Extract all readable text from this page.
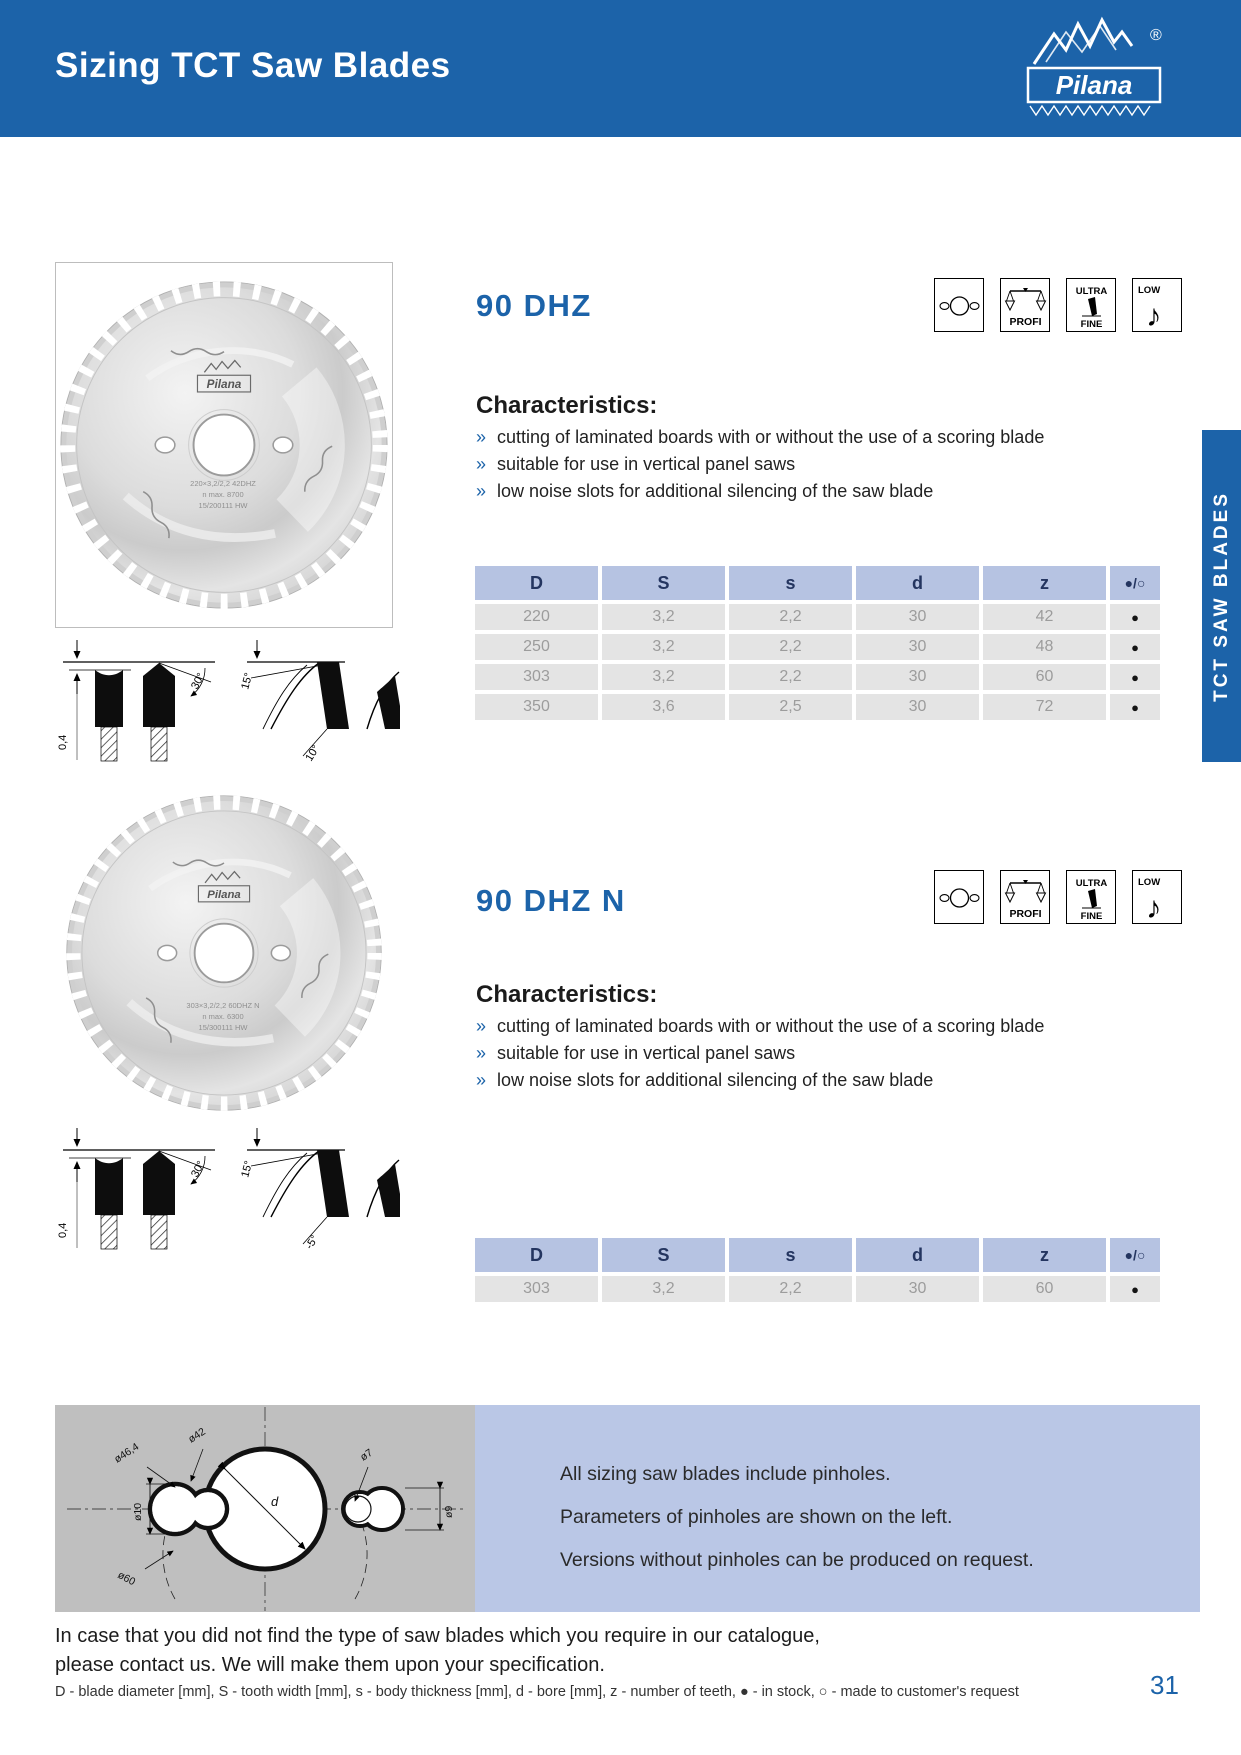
Sizing TCT Saw Blades
®
Pilana
TCT SAW BLADES
220×3,2/2,2 42DHZ
n max. 8700
15/200111 HW
90 DHZ	PROFI
ULTRA
FINE
LOW
♪
Characteristics:
» cutting of laminated boards with or without the use of a scoring blade
» suitable for use in vertical panel saws
» low noise slots for additional silencing of the saw blade
D	S	s	d	z	●/○
220	3,2	2,2	30	42	●
250	3,2	2,2	30	48	●
303	3,2	2,2	30	60	●
350	3,6	2,5	30	72	●
0,4
30°	15°
10°
303×3,2/2,2 60DHZ N
n max. 6300
15/300111 HW
90 DHZ N	PROFI
ULTRA
FINE
LOW
♪
Characteristics:
» cutting of laminated boards with or without the use of a scoring blade
» suitable for use in vertical panel saws
» low noise slots for additional silencing of the saw blade
D	S	s	d	z	●/○
303	3,2	2,2	30	60	●
0,4
30°	15°
-5°
d
ø10
ø46,4
ø42
ø60
ø7
ø9
All sizing saw blades include pinholes.
Parameters of pinholes are shown on the left.
Versions without pinholes can be produced on request.
In case that you did not find the type of saw blades which you require in our catalogue,
please contact us. We will make them upon your specification.
D - blade diameter [mm], S - tooth width [mm], s - body thickness [mm], d - bore [mm], z - number of teeth, ● - in stock, ○ - made to customer's request	31
